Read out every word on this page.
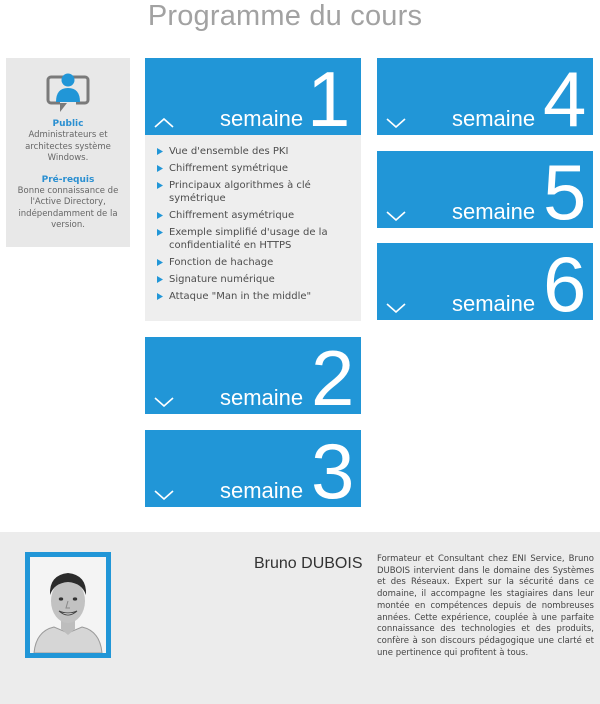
Programme du cours
Public
Administrateurs et architectes système Windows.
Pré-requis
Bonne connaissance de l'Active Directory, indépendamment de la version.
semaine 1
Vue d'ensemble des PKI
Chiffrement symétrique
Principaux algorithmes à clé symétrique
Chiffrement asymétrique
Exemple simplifié d'usage de la confidentialité en HTTPS
Fonction de hachage
Signature numérique
Attaque "Man in the middle"
semaine 2
semaine 3
semaine 4
semaine 5
semaine 6
Bruno DUBOIS Formateur et Consultant chez ENI Service, Bruno DUBOIS intervient dans le domaine des Systèmes et des Réseaux. Expert sur la sécurité dans ce domaine, il accompagne les stagiaires dans leur montée en compétences depuis de nombreuses années. Cette expérience, couplée à une parfaite connaissance des technologies et des produits, confère à son discours pédagogique une clarté et une pertinence qui profitent à tous.
